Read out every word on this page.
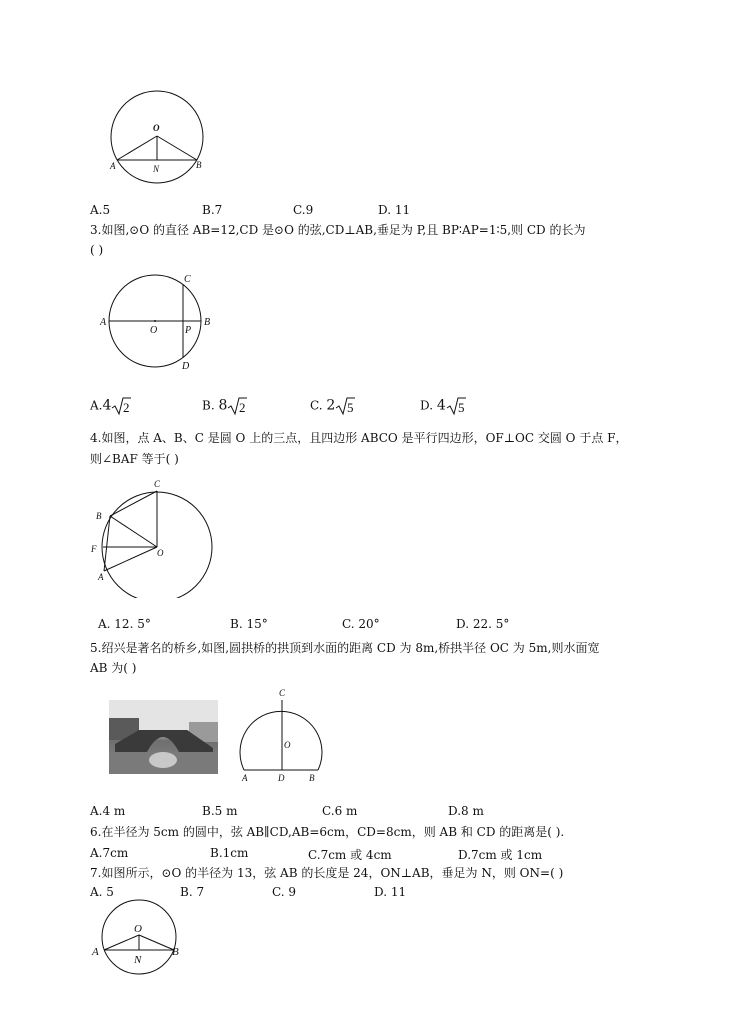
O
A	N	B
A.5	B.7	C.9	D. 11
3.如图,⊙O 的直径 AB=12,CD 是⊙O 的弦,CD⊥AB,垂足为 P,且 BP∶AP=1∶5,则 CD 的长为
( )
A
O	P
B
C
D
A.4 2	B. 8 2	C. 2 5	D. 4 5
4.如图，点 A、B、C 是圆 O 上的三点，且四边形 ABCO 是平行四边形，OF⊥OC 交圆 O 于点 F，
则∠BAF 等于( )
C
B
F	O
A
A. 12. 5°	B. 15°	C. 20°	D. 22. 5°
5.绍兴是著名的桥乡,如图,圆拱桥的拱顶到水面的距离 CD 为 8m,桥拱半径 OC 为 5m,则水面宽
AB 为( )
C
O
A	D	B
A.4 m	B.5 m	C.6 m	D.8 m
6.在半径为 5cm 的圆中，弦 AB∥CD,AB=6cm，CD=8cm，则 AB 和 CD 的距离是( ).
A.7cm	B.1cm	C.7cm 或 4cm	D.7cm 或 1cm
7.如图所示，⊙O 的半径为 13，弦 AB 的长度是 24，ON⊥AB，垂足为 N，则 ON=( )
A. 5	B. 7	C. 9	D. 11
O
A
N
B
